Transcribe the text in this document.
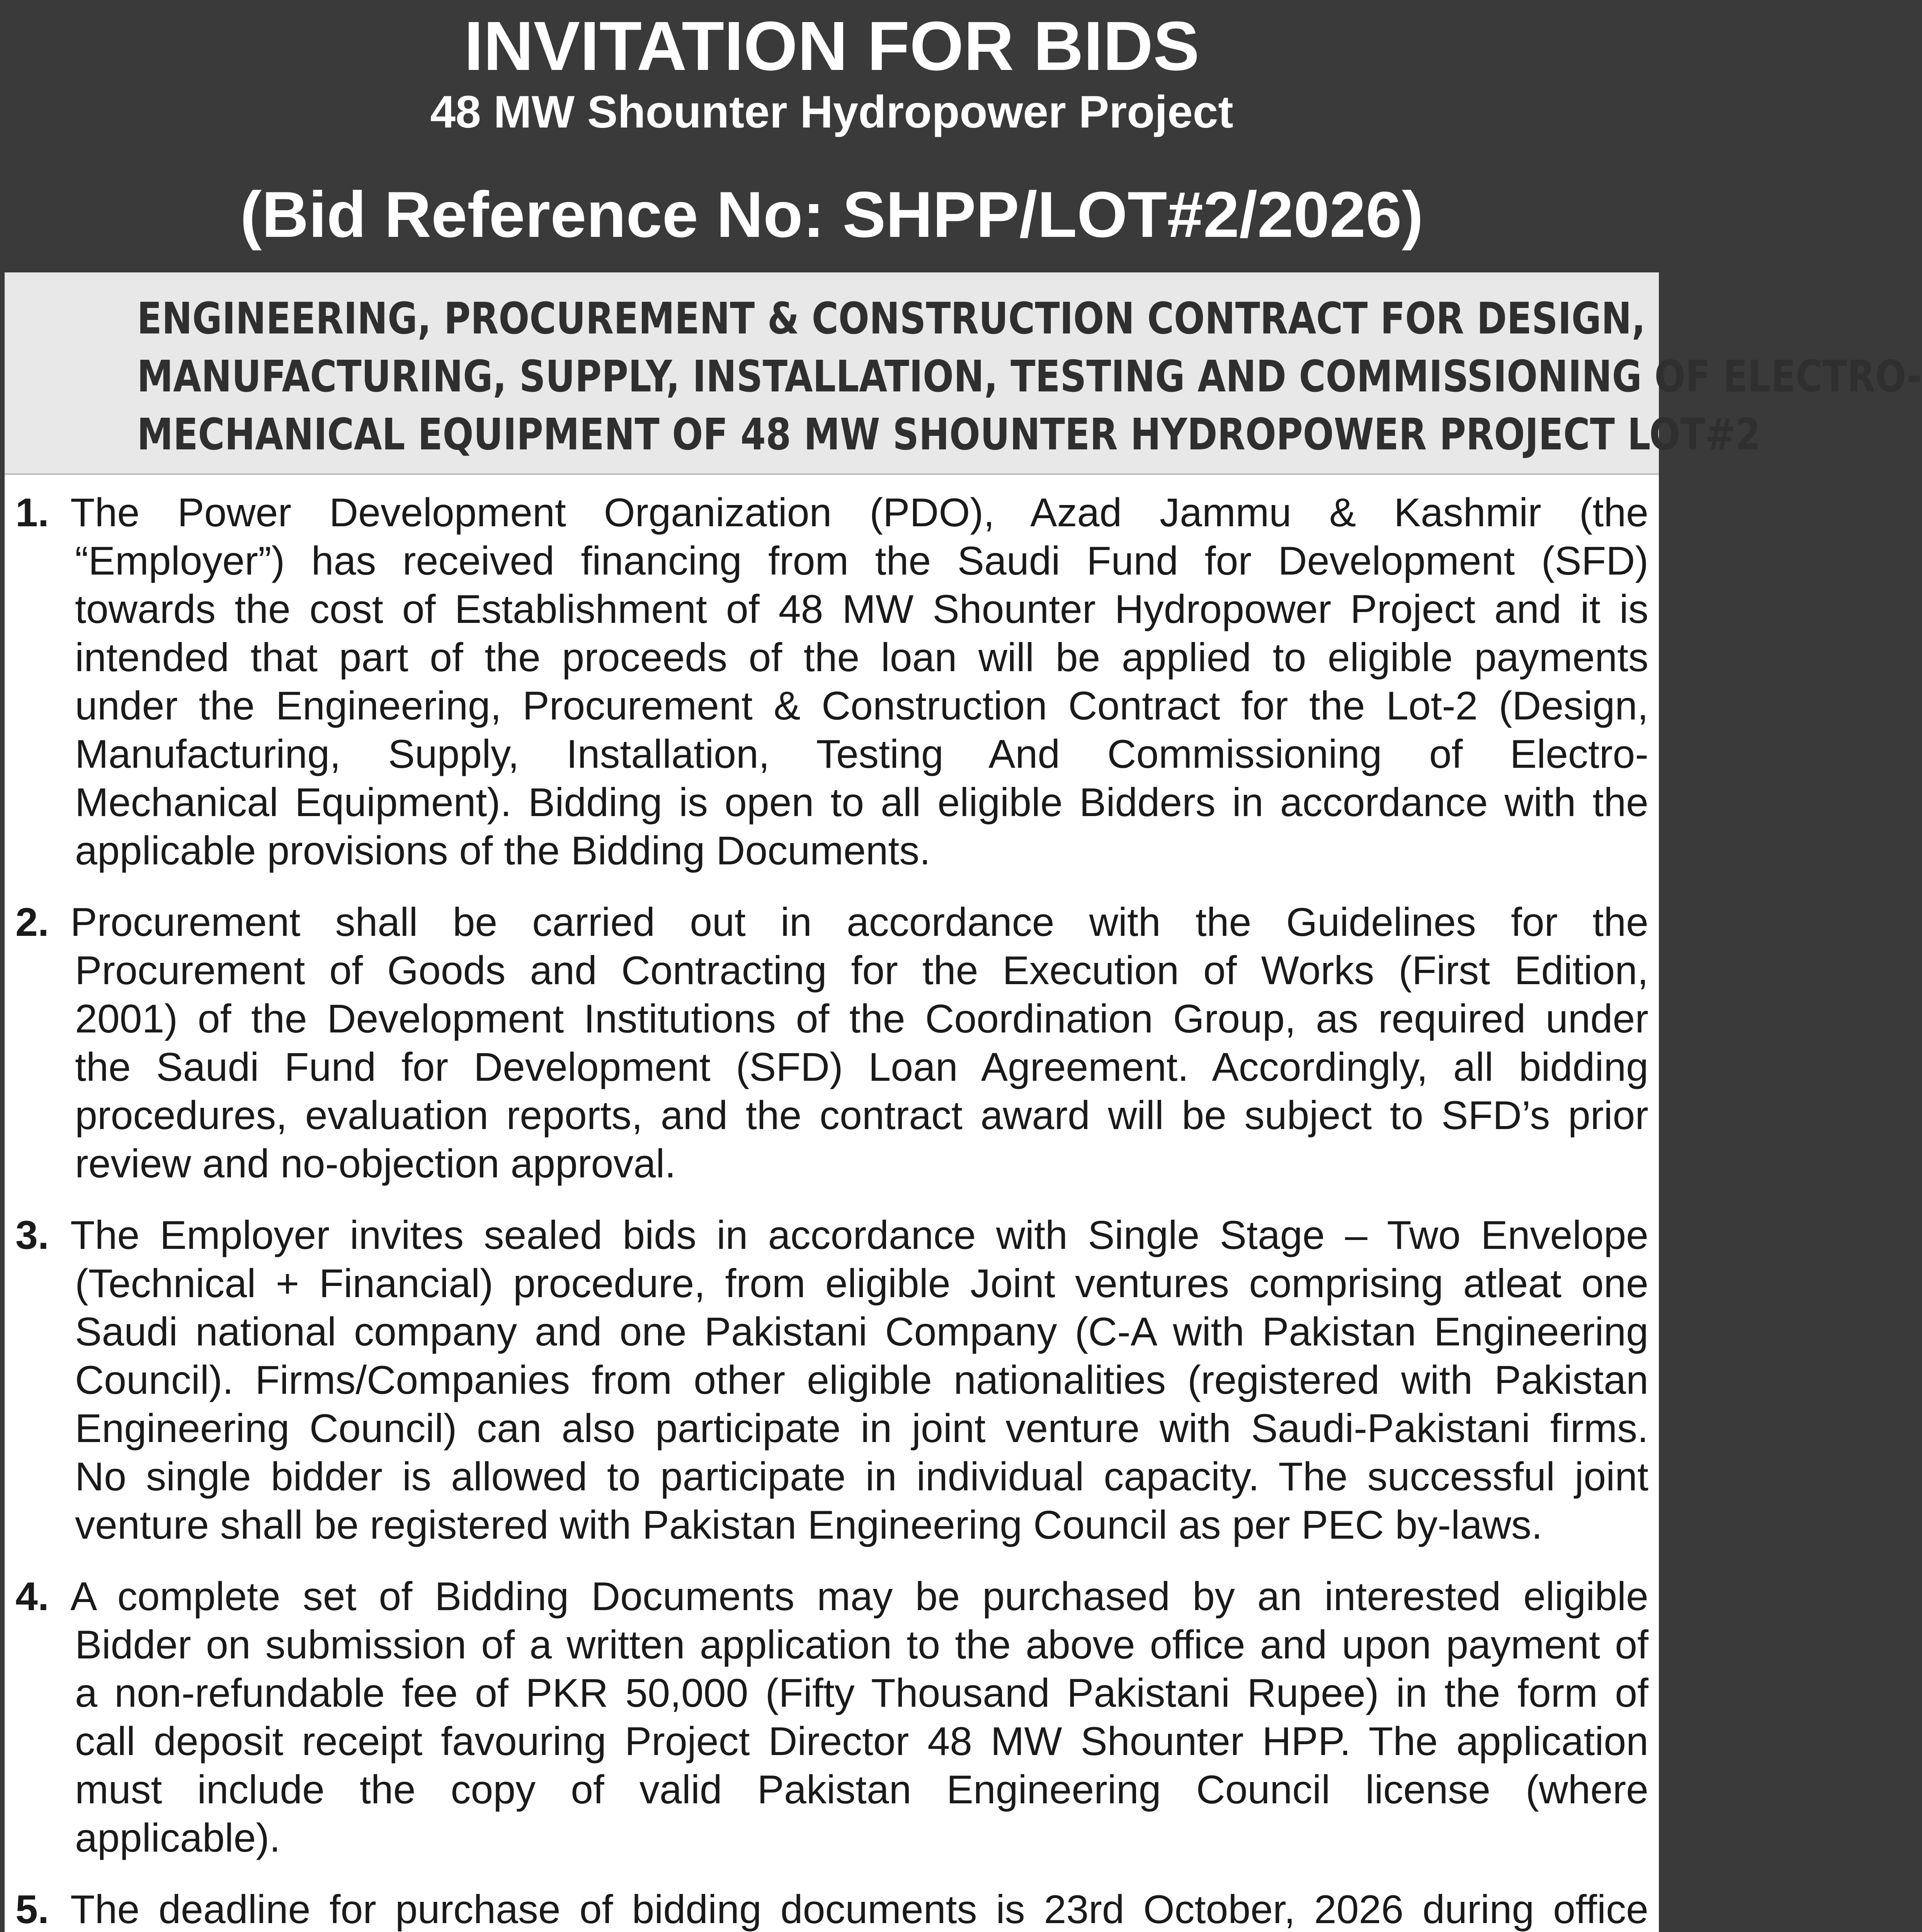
INVITATION FOR BIDS
48 MW Shounter Hydropower Project
(Bid Reference No: SHPP/LOT#2/2026)
ENGINEERING, PROCUREMENT & CONSTRUCTION CONTRACT FOR DESIGN,
MANUFACTURING, SUPPLY, INSTALLATION, TESTING AND COMMISSIONING OF ELECTRO-
MECHANICAL EQUIPMENT OF 48 MW SHOUNTER HYDROPOWER PROJECT LOT#2
1. The Power Development Organization (PDO), Azad Jammu & Kashmir (the
“Employer”) has received financing from the Saudi Fund for Development (SFD)
towards the cost of Establishment of 48 MW Shounter Hydropower Project and it is
intended that part of the proceeds of the loan will be applied to eligible payments
under the Engineering, Procurement & Construction Contract for the Lot-2 (Design,
Manufacturing, Supply, Installation, Testing And Commissioning of Electro-
Mechanical Equipment). Bidding is open to all eligible Bidders in accordance with the
applicable provisions of the Bidding Documents.
2. Procurement shall be carried out in accordance with the Guidelines for the
Procurement of Goods and Contracting for the Execution of Works (First Edition,
2001) of the Development Institutions of the Coordination Group, as required under
the Saudi Fund for Development (SFD) Loan Agreement. Accordingly, all bidding
procedures, evaluation reports, and the contract award will be subject to SFD’s prior
review and no-objection approval.
3. The Employer invites sealed bids in accordance with Single Stage – Two Envelope
(Technical + Financial) procedure, from eligible Joint ventures comprising atleat one
Saudi national company and one Pakistani Company (C-A with Pakistan Engineering
Council). Firms/Companies from other eligible nationalities (registered with Pakistan
Engineering Council) can also participate in joint venture with Saudi-Pakistani firms.
No single bidder is allowed to participate in individual capacity. The successful joint
venture shall be registered with Pakistan Engineering Council as per PEC by-laws.
4. A complete set of Bidding Documents may be purchased by an interested eligible
Bidder on submission of a written application to the above office and upon payment of
a non-refundable fee of PKR 50,000 (Fifty Thousand Pakistani Rupee) in the form of
call deposit receipt favouring Project Director 48 MW Shounter HPP. The application
must include the copy of valid Pakistan Engineering Council license (where
applicable).
5. The deadline for purchase of bidding documents is 23rd October, 2026 during office
